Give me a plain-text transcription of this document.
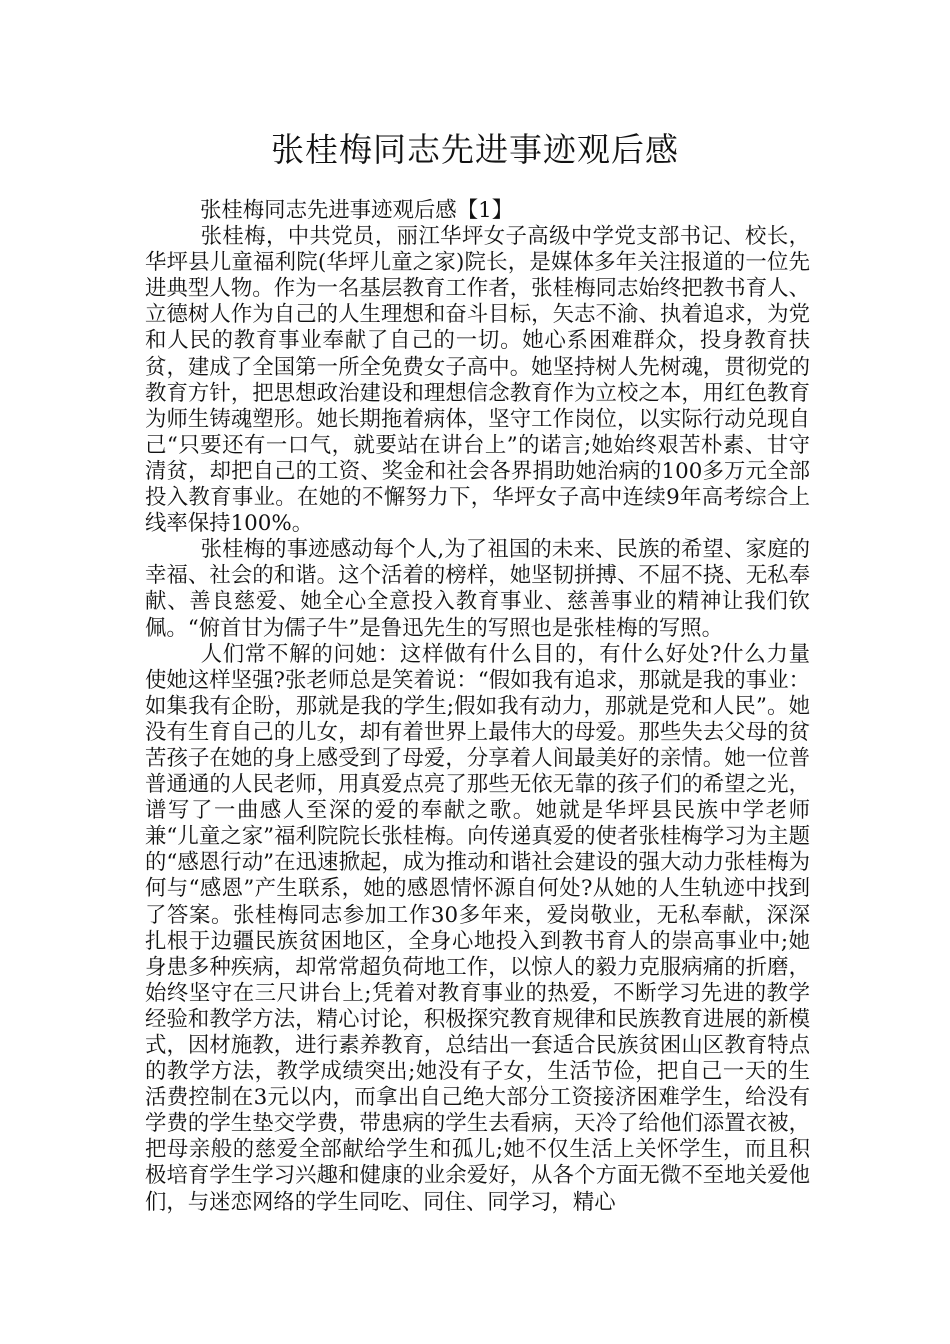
张桂梅同志先进事迹观后感

张桂梅同志先进事迹观后感【1】

张桂梅，中共党员，丽江华坪女子高级中学党支部书记、校长，华坪县儿童福利院(华坪儿童之家)院长，是媒体多年关注报道的一位先进典型人物。作为一名基层教育工作者，张桂梅同志始终把教书育人、立德树人作为自己的人生理想和奋斗目标，矢志不渝、执着追求，为党和人民的教育事业奉献了自己的一切。她心系困难群众，投身教育扶贫，建成了全国第一所全免费女子高中。她坚持树人先树魂，贯彻党的教育方针，把思想政治建设和理想信念教育作为立校之本，用红色教育为师生铸魂塑形。她长期拖着病体，坚守工作岗位，以实际行动兑现自己“只要还有一口气，就要站在讲台上”的诺言;她始终艰苦朴素、甘守清贫，却把自己的工资、奖金和社会各界捐助她治病的100多万元全部投入教育事业。在她的不懈努力下，华坪女子高中连续9年高考综合上线率保持100%。

张桂梅的事迹感动每个人,为了祖国的未来、民族的希望、家庭的幸福、社会的和谐。这个活着的榜样，她坚韧拼搏、不屈不挠、无私奉献、善良慈爱、她全心全意投入教育事业、慈善事业的精神让我们钦佩。“俯首甘为儒子牛”是鲁迅先生的写照也是张桂梅的写照。

人们常不解的问她：这样做有什么目的，有什么好处?什么力量使她这样坚强?张老师总是笑着说：“假如我有追求，那就是我的事业：如集我有企盼，那就是我的学生;假如我有动力，那就是党和人民”。她没有生育自己的儿女，却有着世界上最伟大的母爱。那些失去父母的贫苦孩子在她的身上感受到了母爱，分享着人间最美好的亲情。她一位普普通通的人民老师，用真爱点亮了那些无依无靠的孩子们的希望之光，谱写了一曲感人至深的爱的奉献之歌。她就是华坪县民族中学老师兼“儿童之家”福利院院长张桂梅。向传递真爱的使者张桂梅学习为主题的“感恩行动”在迅速掀起，成为推动和谐社会建设的强大动力张桂梅为何与“感恩”产生联系，她的感恩情怀源自何处?从她的人生轨迹中找到了答案。张桂梅同志参加工作30多年来，爱岗敬业，无私奉献，深深扎根于边疆民族贫困地区，全身心地投入到教书育人的崇高事业中;她身患多种疾病，却常常超负荷地工作，以惊人的毅力克服病痛的折磨，始终坚守在三尺讲台上;凭着对教育事业的热爱，不断学习先进的教学经验和教学方法，精心讨论，积极探究教育规律和民族教育进展的新模式，因材施教，进行素养教育，总结出一套适合民族贫困山区教育特点的教学方法，教学成绩突出;她没有子女，生活节俭，把自己一天的生活费控制在3元以内，而拿出自己绝大部分工资接济困难学生，给没有学费的学生垫交学费，带患病的学生去看病，天冷了给他们添置衣被，把母亲般的慈爱全部献给学生和孤儿;她不仅生活上关怀学生，而且积极培育学生学习兴趣和健康的业余爱好，从各个方面无微不至地关爱他们，与迷恋网络的学生同吃、同住、同学习，精心
